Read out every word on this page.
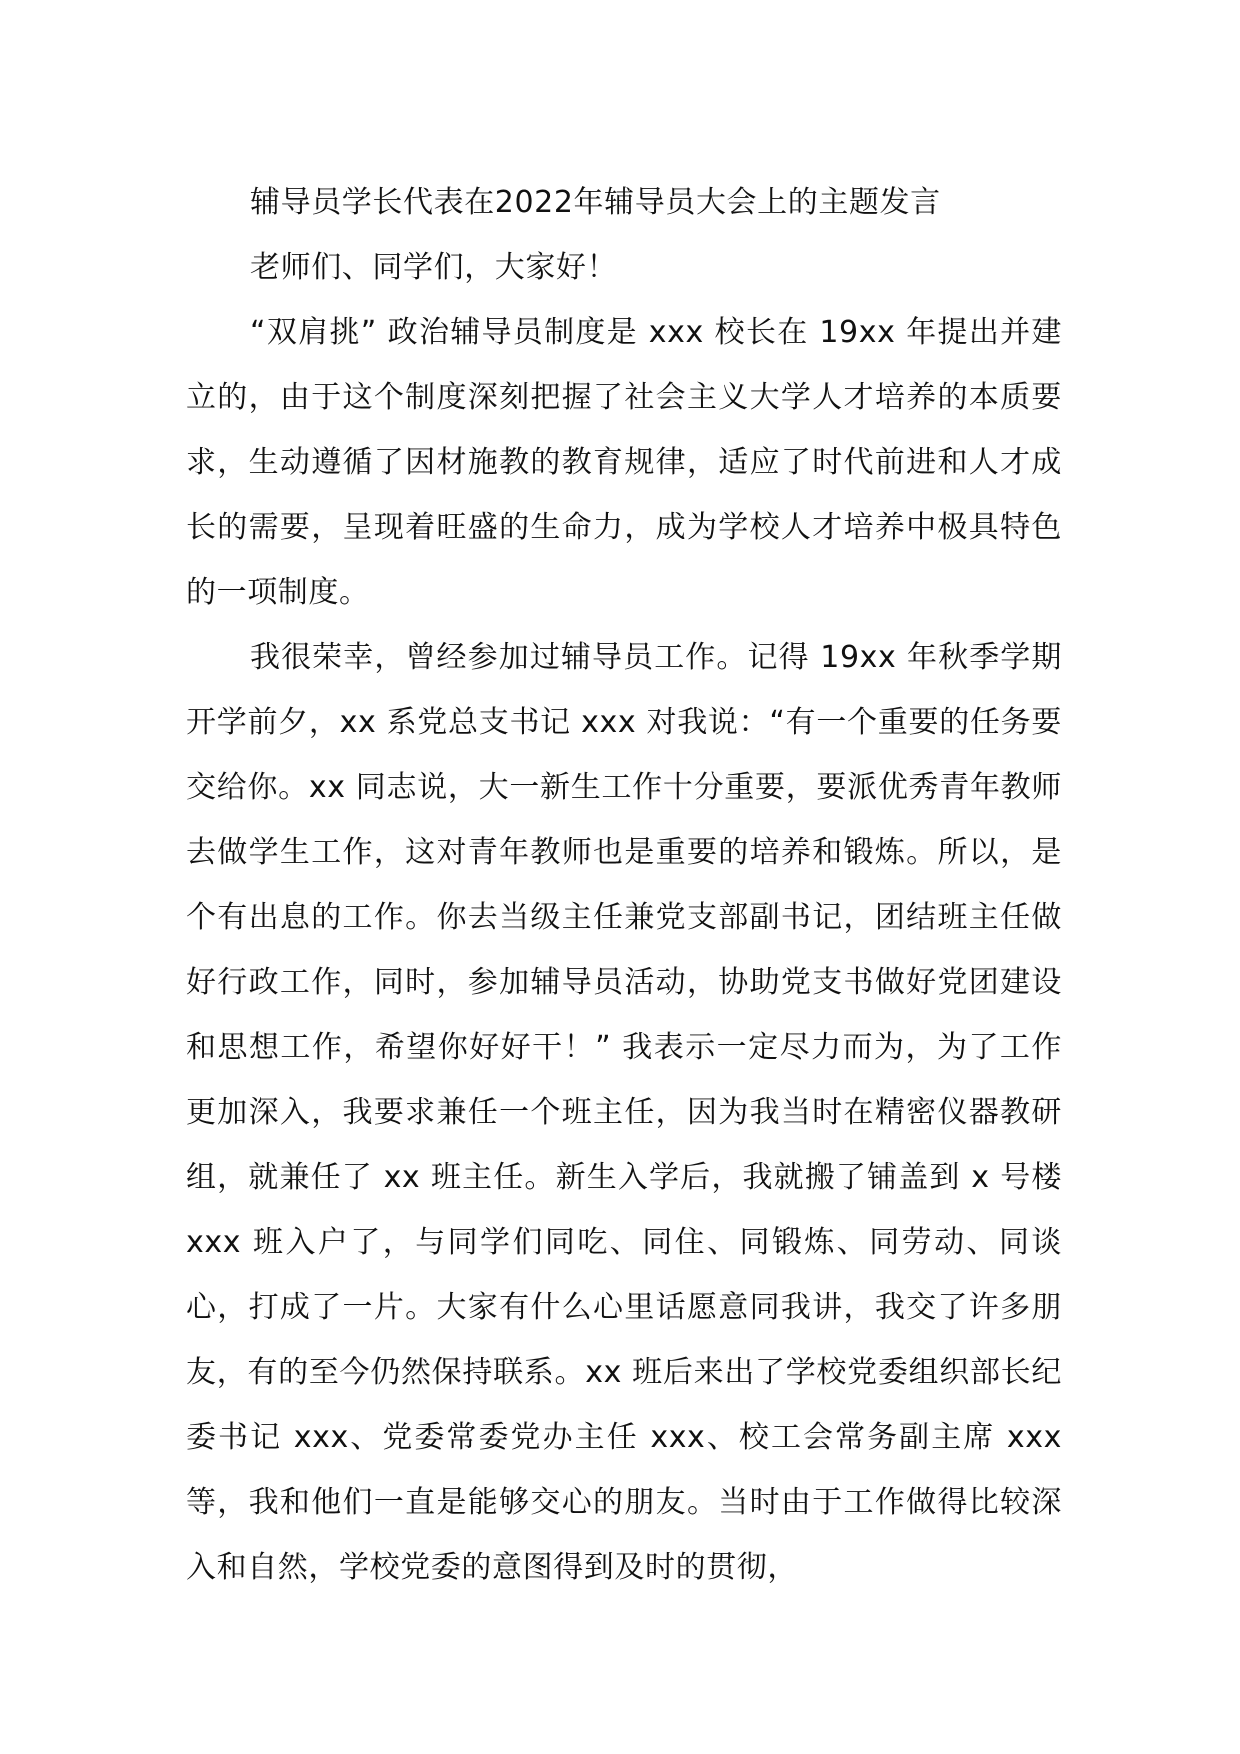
辅导员学长代表在2022年辅导员大会上的主题发言

老师们、同学们，大家好！

“双肩挑” 政治辅导员制度是 xxx 校长在 19xx 年提出并建立的，由于这个制度深刻把握了社会主义大学人才培养的本质要求，生动遵循了因材施教的教育规律，适应了时代前进和人才成长的需要，呈现着旺盛的生命力，成为学校人才培养中极具特色的一项制度。

我很荣幸，曾经参加过辅导员工作。记得 19xx 年秋季学期开学前夕，xx 系党总支书记 xxx 对我说：“有一个重要的任务要交给你。xx 同志说，大一新生工作十分重要，要派优秀青年教师去做学生工作，这对青年教师也是重要的培养和锻炼。所以，是个有出息的工作。你去当级主任兼党支部副书记，团结班主任做好行政工作，同时，参加辅导员活动，协助党支书做好党团建设和思想工作，希望你好好干！” 我表示一定尽力而为，为了工作更加深入，我要求兼任一个班主任，因为我当时在精密仪器教研组，就兼任了 xx 班主任。新生入学后，我就搬了铺盖到 x 号楼 xxx 班入户了，与同学们同吃、同住、同锻炼、同劳动、同谈心，打成了一片。大家有什么心里话愿意同我讲，我交了许多朋友，有的至今仍然保持联系。xx 班后来出了学校党委组织部长纪委书记 xxx、党委常委党办主任 xxx、校工会常务副主席 xxx 等，我和他们一直是能够交心的朋友。当时由于工作做得比较深入和自然，学校党委的意图得到及时的贯彻，
